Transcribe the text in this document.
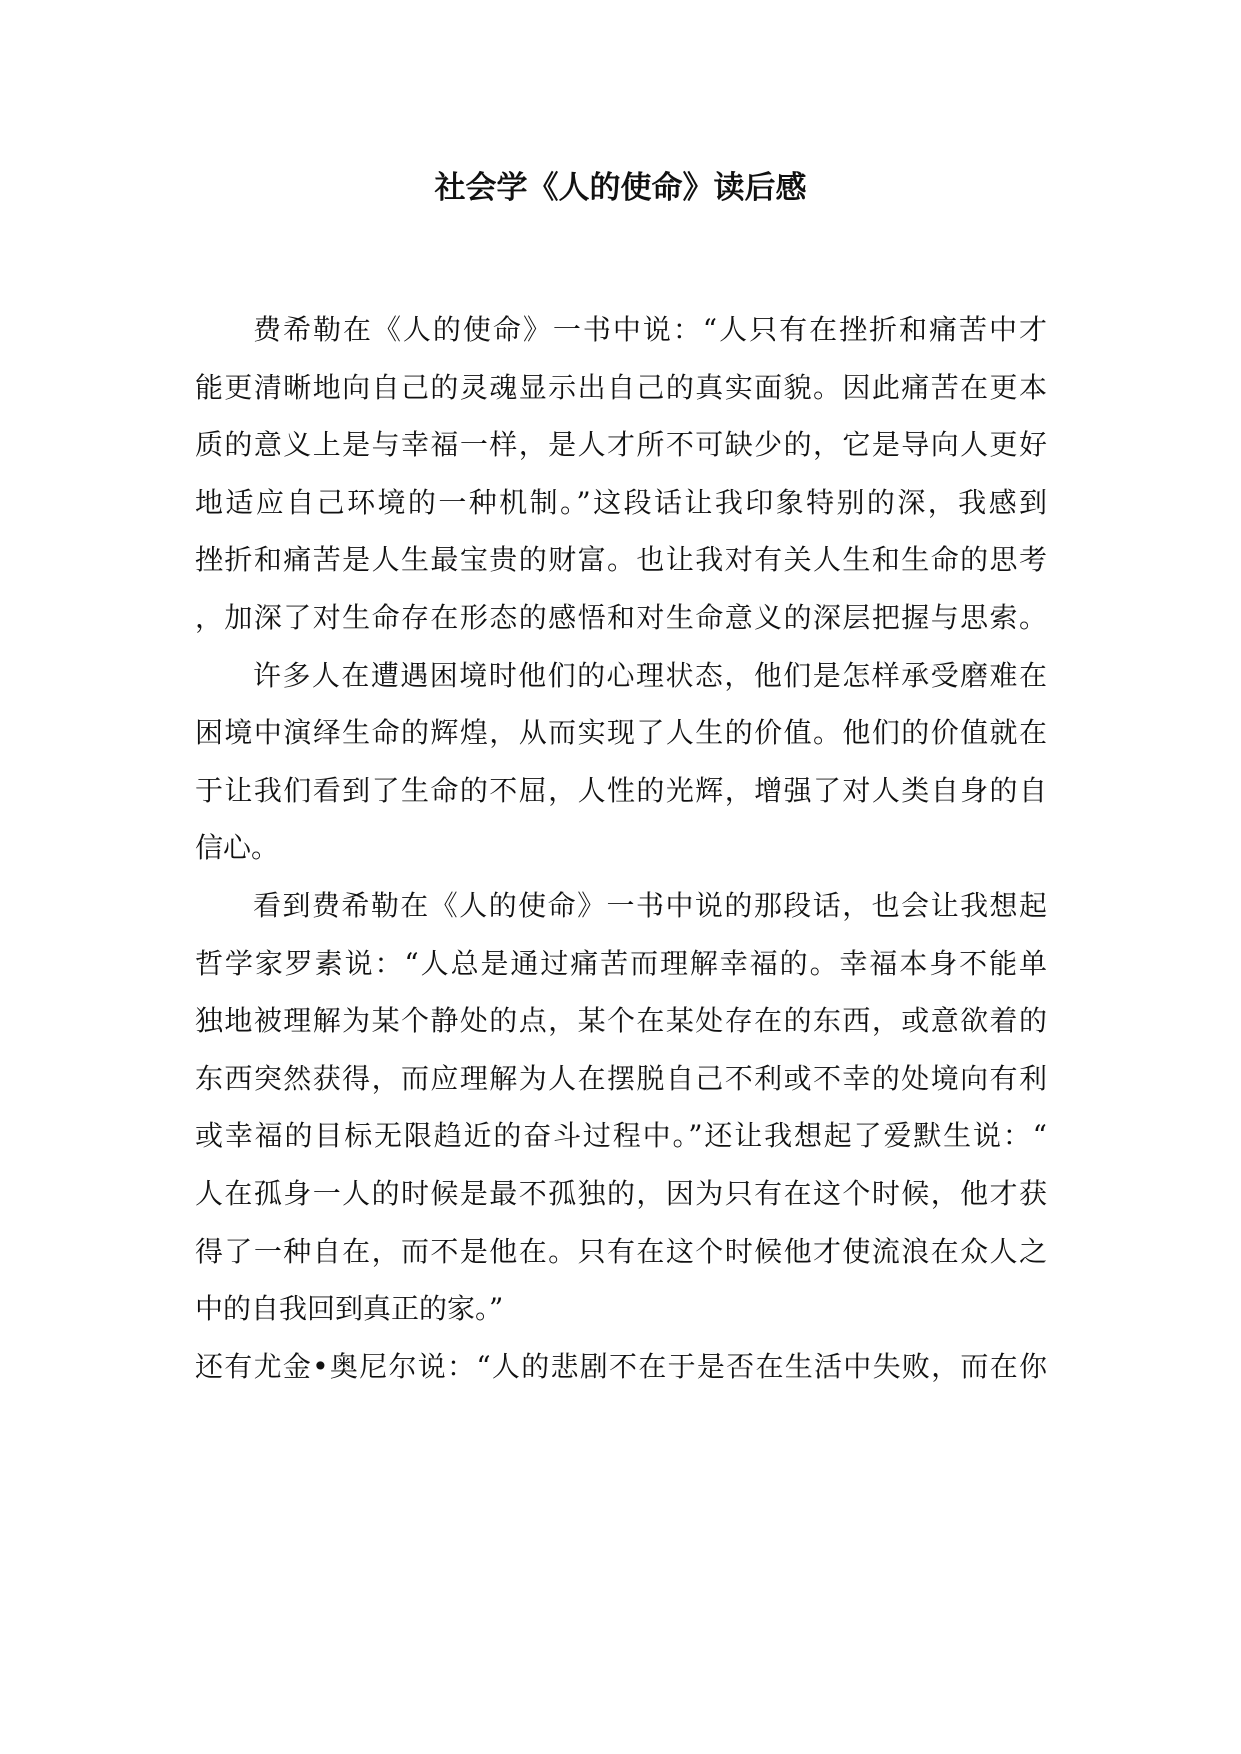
社会学《人的使命》读后感
费希勒在《人的使命》一书中说：“人只有在挫折和痛苦中才
能更清晰地向自己的灵魂显示出自己的真实面貌。因此痛苦在更本
质的意义上是与幸福一样，是人才所不可缺少的，它是导向人更好
地适应自己环境的一种机制。”这段话让我印象特别的深，我感到
挫折和痛苦是人生最宝贵的财富。也让我对有关人生和生命的思考
，加深了对生命存在形态的感悟和对生命意义的深层把握与思索。
许多人在遭遇困境时他们的心理状态，他们是怎样承受磨难在
困境中演绎生命的辉煌，从而实现了人生的价值。他们的价值就在
于让我们看到了生命的不屈，人性的光辉，增强了对人类自身的自
信心。
看到费希勒在《人的使命》一书中说的那段话，也会让我想起
哲学家罗素说：“人总是通过痛苦而理解幸福的。幸福本身不能单
独地被理解为某个静处的点，某个在某处存在的东西，或意欲着的
东西突然获得，而应理解为人在摆脱自己不利或不幸的处境向有利
或幸福的目标无限趋近的奋斗过程中。”还让我想起了爱默生说：“
人在孤身一人的时候是最不孤独的，因为只有在这个时候，他才获
得了一种自在，而不是他在。只有在这个时候他才使流浪在众人之
中的自我回到真正的家。”
还有尤金•奥尼尔说：“人的悲剧不在于是否在生活中失败，而在你
